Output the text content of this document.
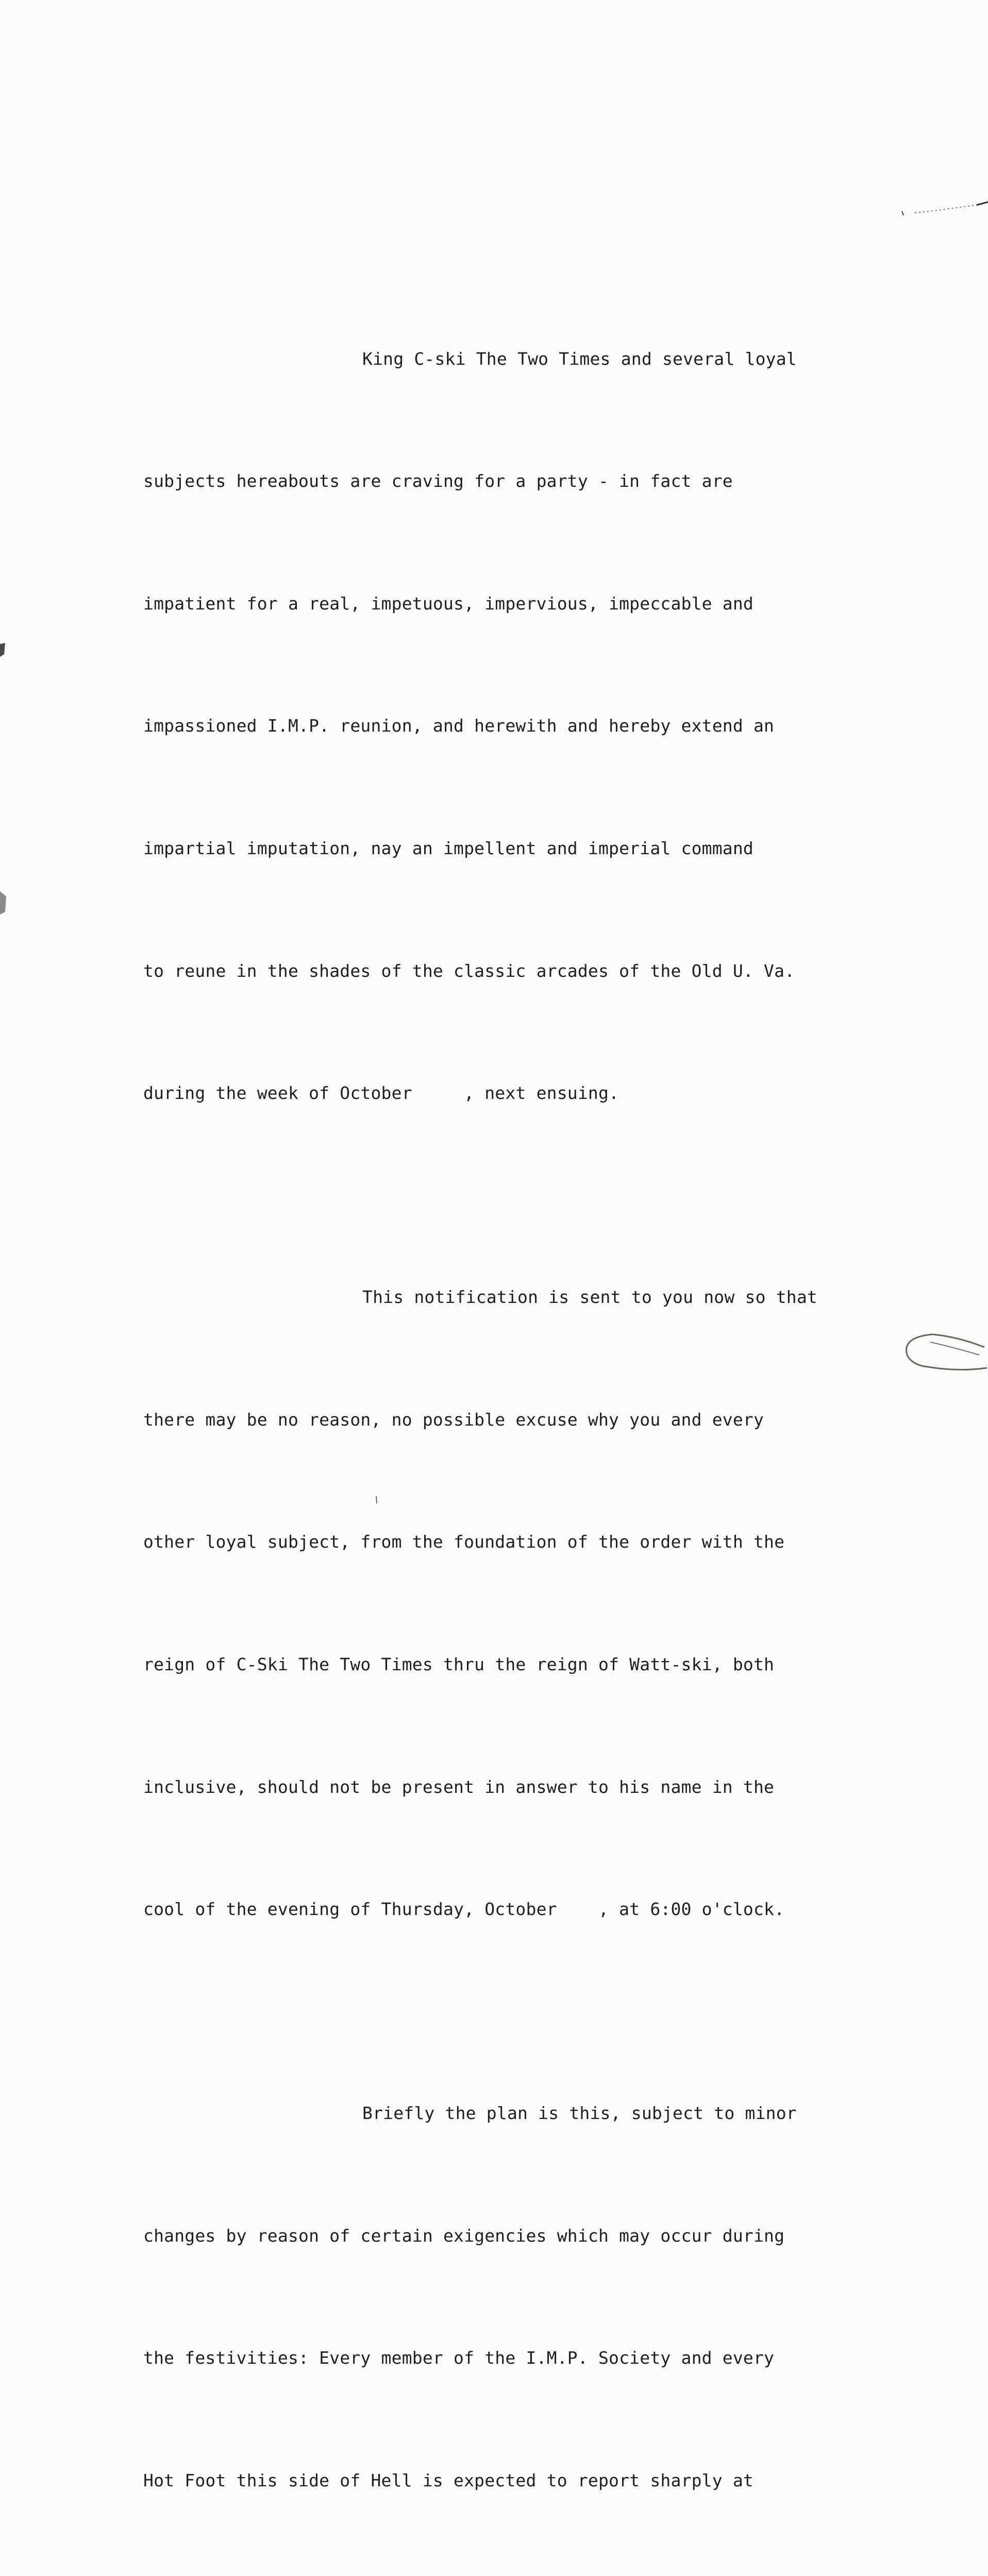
King C-ski The Two Times and several loyal

subjects hereabouts are craving for a party - in fact are

impatient for a real, impetuous, impervious, impeccable and

impassioned I.M.P. reunion, and herewith and hereby extend an

impartial imputation, nay an impellent and imperial command

to reune in the shades of the classic arcades of the Old U. Va.

during the week of October     , next ensuing.

This notification is sent to you now so that

there may be no reason, no possible excuse why you and every

other loyal subject, from the foundation of the order with the

reign of C-Ski The Two Times thru the reign of Watt-ski, both

inclusive, should not be present in answer to his name in the

cool of the evening of Thursday, October    , at 6:00 o'clock.

Briefly the plan is this, subject to minor

changes by reason of certain exigencies which may occur during

the festivities: Every member of the I.M.P. Society and every

Hot Foot this side of Hell is expected to report sharply at
